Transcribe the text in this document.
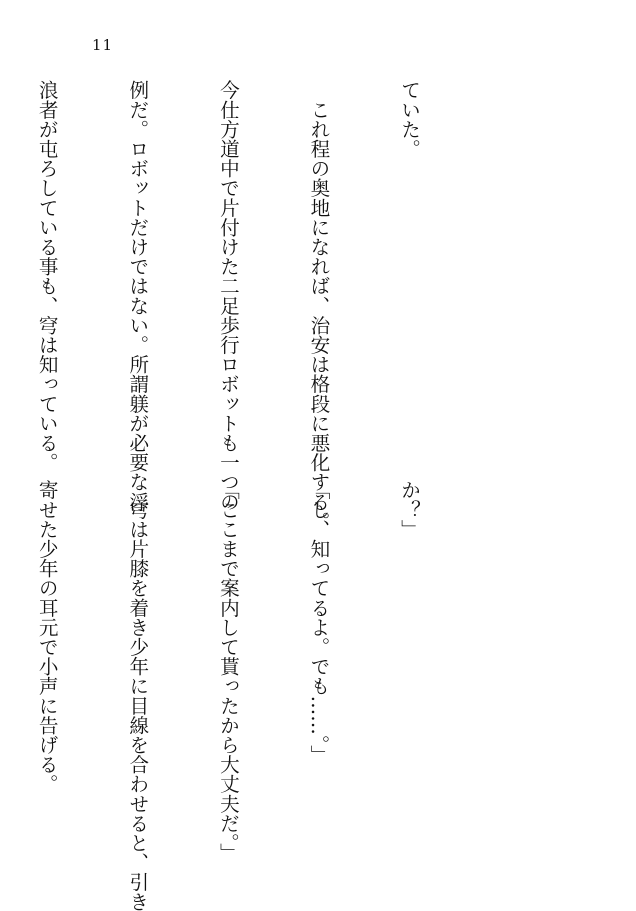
11

ていた。

　これ程の奥地になれば、治安は格段に悪化する。

今仕方道中で片付けた二足歩行ロボットも一つの

例だ。ロボットだけではない。所謂躾が必要な浮

浪者が屯ろしている事も、穹は知っている。

か？」

「し、知ってるよ。でも……。」

「ここまで案内して貰ったから大丈夫だ。」

　穹は片膝を着き少年に目線を合わせると、引き

寄せた少年の耳元で小声に告げる。
